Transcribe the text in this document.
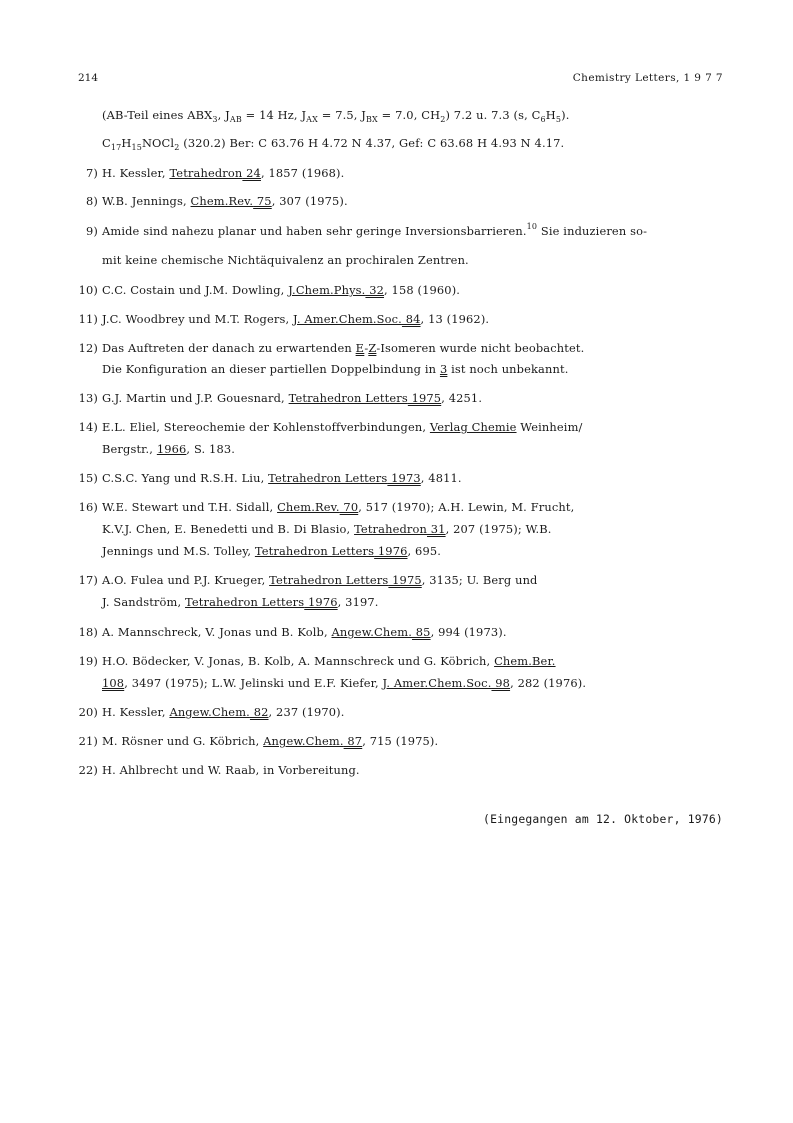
214	Chemistry Letters, 1 9 7 7
(AB-Teil eines $ABX_3$, $J_{AB} = 14$ Hz, $J_{AX} = 7.5$, $J_{BX} = 7.0$, $CH_2$) 7.2 u. 7.3 (s, $C_6H_5$).
$C_{17}H_{15}NOCl_2$ (320.2) Ber: C 63.76 H 4.72 N 4.37, Gef: C 63.68 H 4.93 N 4.17.
7) H. Kessler, Tetrahedron 24, 1857 (1968).
8) W.B. Jennings, Chem.Rev. 75, 307 (1975).
9) Amide sind nahezu planar und haben sehr geringe Inversionsbarrieren.$^{10}$ Sie induzieren so-
mit keine chemische Nichtäquivalenz an prochiralen Zentren.
10) C.C. Costain und J.M. Dowling, J.Chem.Phys. 32, 158 (1960).
11) J.C. Woodbrey und M.T. Rogers, J. Amer.Chem.Soc. 84, 13 (1962).
12) Das Auftreten der danach zu erwartenden E-Z-Isomeren wurde nicht beobachtet.
Die Konfiguration an dieser partiellen Doppelbindung in 3 ist noch unbekannt.
13) G.J. Martin und J.P. Gouesnard, Tetrahedron Letters 1975, 4251.
14) E.L. Eliel, Stereochemie der Kohlenstoffverbindungen, Verlag Chemie Weinheim/
Bergstr., 1966, S. 183.
15) C.S.C. Yang und R.S.H. Liu, Tetrahedron Letters 1973, 4811.
16) W.E. Stewart und T.H. Sidall, Chem.Rev. 70, 517 (1970); A.H. Lewin, M. Frucht,
K.V.J. Chen, E. Benedetti und B. Di Blasio, Tetrahedron 31, 207 (1975); W.B.
Jennings und M.S. Tolley, Tetrahedron Letters 1976, 695.
17) A.O. Fulea und P.J. Krueger, Tetrahedron Letters 1975, 3135; U. Berg und
J. Sandström, Tetrahedron Letters 1976, 3197.
18) A. Mannschreck, V. Jonas und B. Kolb, Angew.Chem. 85, 994 (1973).
19) H.O. Bödecker, V. Jonas, B. Kolb, A. Mannschreck und G. Köbrich, Chem.Ber.
108, 3497 (1975); L.W. Jelinski und E.F. Kiefer, J. Amer.Chem.Soc. 98, 282 (1976).
20) H. Kessler, Angew.Chem. 82, 237 (1970).
21) M. Rösner und G. Köbrich, Angew.Chem. 87, 715 (1975).
22) H. Ahlbrecht und W. Raab, in Vorbereitung.
(Eingegangen am 12. Oktober, 1976)
